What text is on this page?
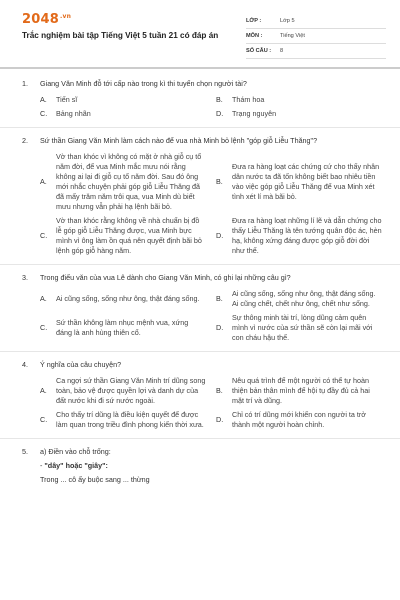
$2048^{.vn}$
Trắc nghiệm bài tập Tiếng Việt 5 tuần 21 có đáp án
LỚP :	Lớp 5
MÔN :	Tiếng Việt
SỐ CÂU :	8
1.	Giang Văn Minh đỗ tới cấp nào trong kì thi tuyển chọn người tài?
A.	Tiến sĩ	B.	Thám hoa
C.	Bảng nhãn	D.	Trạng nguyên
2.	Sứ thần Giang Văn Minh làm cách nào để vua nhà Minh bỏ lệnh "góp giỗ Liễu Thăng"?
A.
Vờ than khóc vì không có mặt ở nhà giỗ cụ tổ năm đời, để vua Minh mắc mưu nói rằng không ai lại đi giỗ cụ tổ năm đời. Sau đó ông mới nhắc chuyện phải góp giỗ Liễu Thăng đã đã mấy trăm năm trôi qua, vua Minh dù biết mưu nhưng vẫn phải hạ lệnh bãi bỏ.
B.
Đưa ra hàng loạt các chứng cứ cho thấy nhân dân nước ta đã tốn không biết bao nhiêu tiền vào việc góp giỗ Liễu Thăng để vua Minh xét tình xét lí mà bãi bỏ.
C.
Vờ than khóc rằng không về nhà chuẩn bị đồ lễ góp giỗ Liễu Thăng được, vua Minh bực mình vì ông làm ồn quá nên quyết định bãi bỏ lệnh góp giỗ hàng năm.
D.
Đưa ra hàng loạt những lí lẽ và dẫn chứng cho thấy Liễu Thăng là tên tướng quân độc ác, hèn hạ, không xứng đáng được góp giỗ đời đời như thế.
3.	Trong điếu văn của vua Lê dành cho Giang Văn Minh, có ghi lại những câu gì?
A.	Ai cũng sống, sống như ông, thật đáng sống. B.
Ai cũng sống, sống như ông, thật đáng sống. Ai cũng chết, chết như ông, chết như sống.
C.
Sứ thần không làm nhục mệnh vua, xứng đáng là anh hùng thiên cổ.
D.
Sự thông minh tài trí, lòng dũng cảm quên mình vì nước của sứ thần sẽ còn lại mãi với con cháu hậu thế.
4.	Ý nghĩa của câu chuyện?
A.
Ca ngợi sứ thần Giang Văn Minh trí dũng song toàn, bảo vệ được quyền lợi và danh dự của đất nước khi đi sứ nước ngoài.
B.
Nêu quá trình để một người có thể tự hoàn thiện bản thân mình để hội tụ đầy đủ cả hai mặt trí và dũng.
C.
Cho thấy trí dũng là điều kiện quyết để được làm quan trong triều đình phong kiến thời xưa.
D.
Chỉ có trí dũng mới khiến con người ta trở thành một người hoàn chỉnh.
5.	a) Điền vào chỗ trống:
- "dây" hoặc "giây":
Trong ... cô ấy buộc sang ... thừng
